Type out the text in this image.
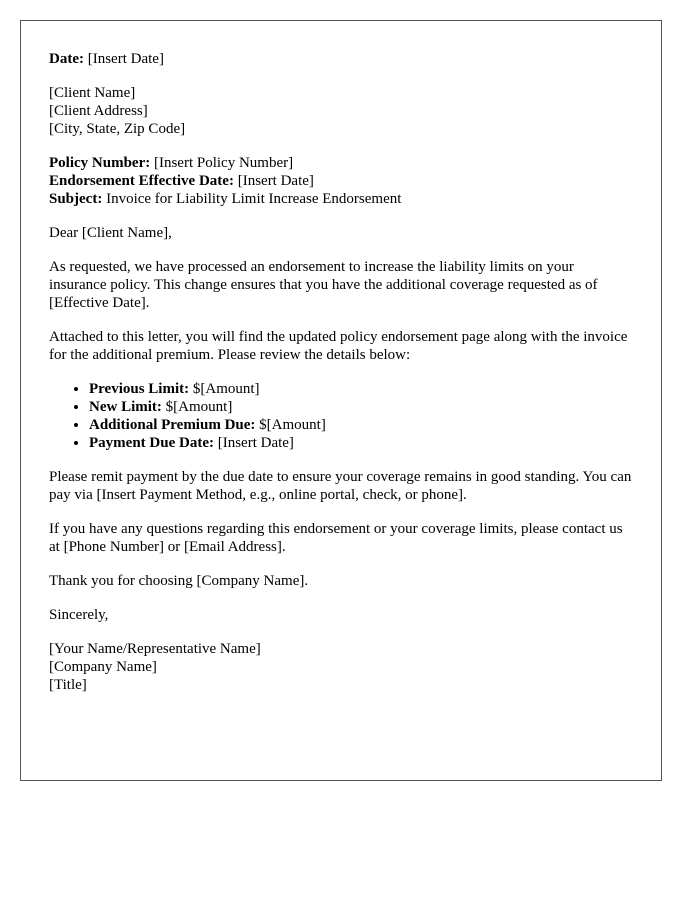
Date: [Insert Date]
[Client Name]
[Client Address]
[City, State, Zip Code]
Policy Number: [Insert Policy Number]
Endorsement Effective Date: [Insert Date]
Subject: Invoice for Liability Limit Increase Endorsement

Dear [Client Name],

As requested, we have processed an endorsement to increase the liability limits on your insurance policy. This change ensures that you have the additional coverage requested as of [Effective Date].

Attached to this letter, you will find the updated policy endorsement page along with the invoice for the additional premium. Please review the details below:

• Previous Limit: $[Amount]
• New Limit: $[Amount]
• Additional Premium Due: $[Amount]
• Payment Due Date: [Insert Date]

Please remit payment by the due date to ensure your coverage remains in good standing. You can pay via [Insert Payment Method, e.g., online portal, check, or phone].

If you have any questions regarding this endorsement or your coverage limits, please contact us at [Phone Number] or [Email Address].

Thank you for choosing [Company Name].

Sincerely,

[Your Name/Representative Name]
[Company Name]
[Title]
